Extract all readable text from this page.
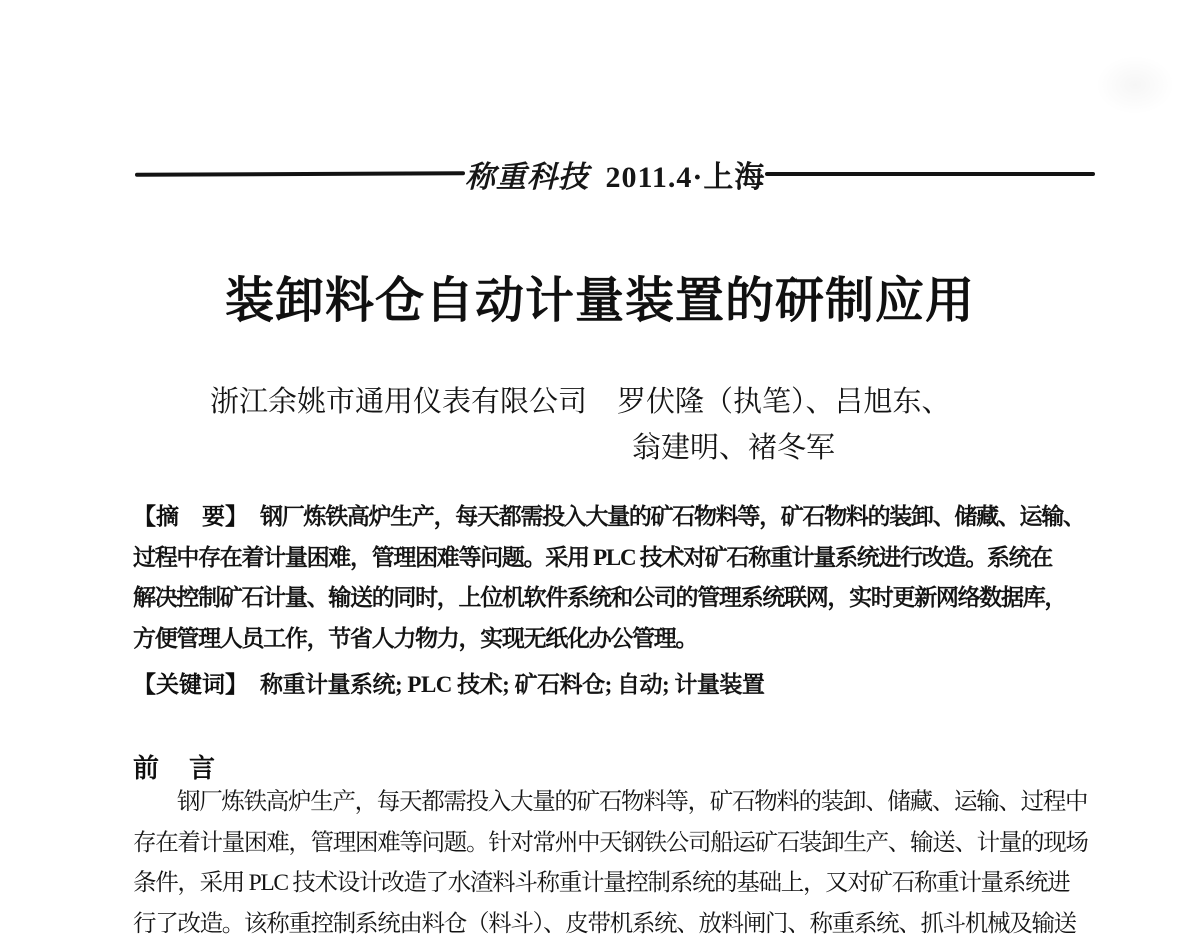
称重科技 2011.4·上海
装卸料仓自动计量装置的研制应用
浙江余姚市通用仪表有限公司 罗伏隆（执笔）、吕旭东、
翁建明、褚冬军
【摘　要】 钢厂炼铁高炉生产，每天都需投入大量的矿石物料等，矿石物料的装卸、储藏、运输、
过程中存在着计量困难，管理困难等问题。采用 PLC 技术对矿石称重计量系统进行改造。系统在
解决控制矿石计量、输送的同时，上位机软件系统和公司的管理系统联网，实时更新网络数据库，
方便管理人员工作，节省人力物力，实现无纸化办公管理。
【关键词】 称重计量系统; PLC 技术; 矿石料仓; 自动; 计量装置
前　言
钢厂炼铁高炉生产，每天都需投入大量的矿石物料等，矿石物料的装卸、储藏、运输、过程中
存在着计量困难，管理困难等问题。针对常州中天钢铁公司船运矿石装卸生产、输送、计量的现场
条件，采用 PLC 技术设计改造了水渣料斗称重计量控制系统的基础上，又对矿石称重计量系统进
行了改造。该称重控制系统由料仓（料斗）、皮带机系统、放料闸门、称重系统、抓斗机械及输送
